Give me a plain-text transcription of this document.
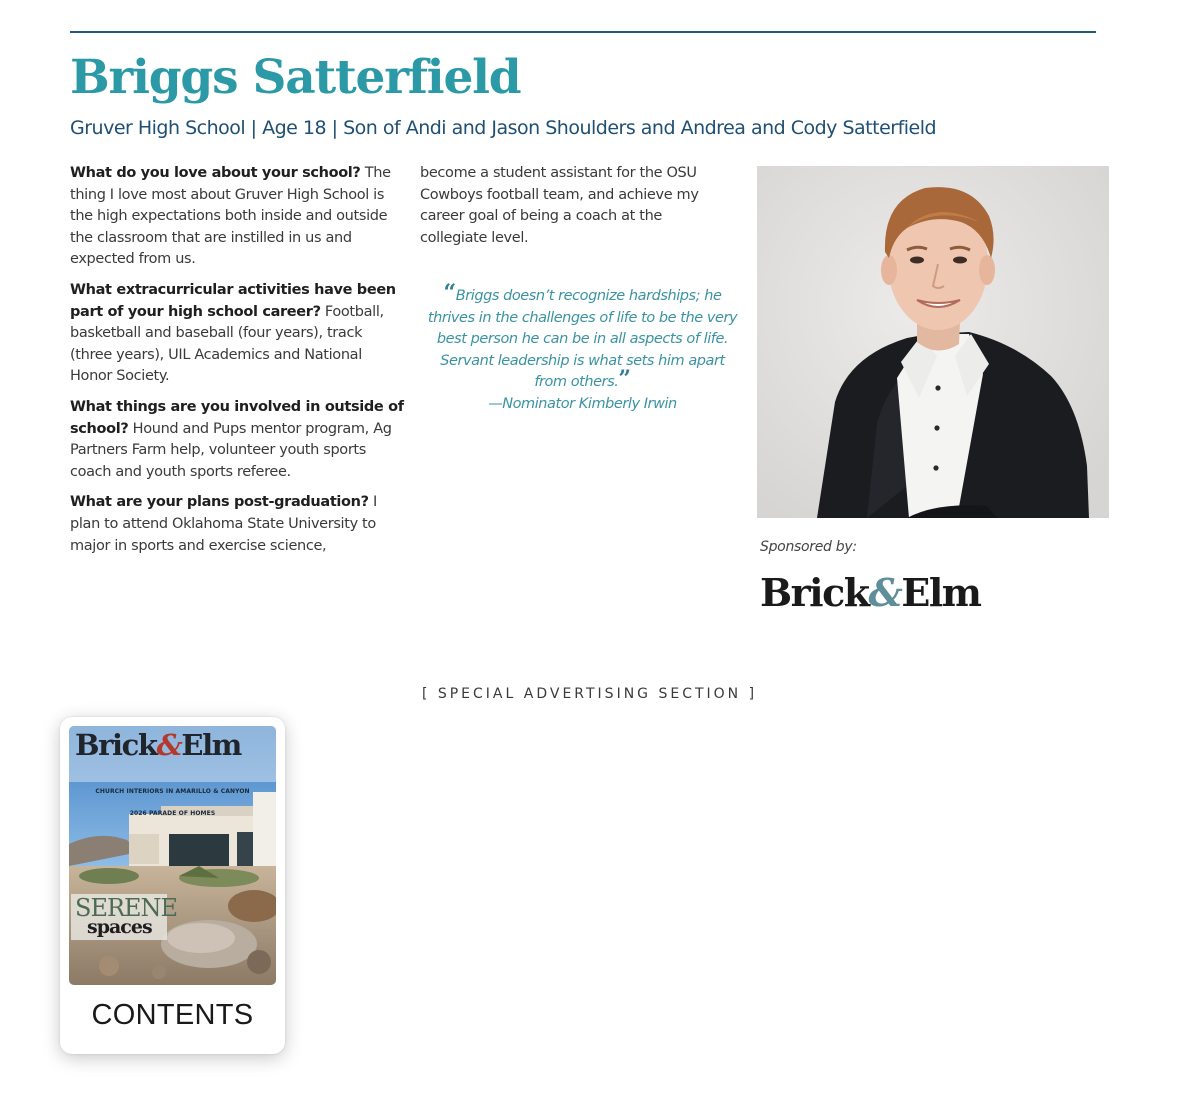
Briggs Satterfield

Gruver High School | Age 18 | Son of Andi and Jason Shoulders and Andrea and Cody Satterfield

What do you love about your school? The thing I love most about Gruver High School is the high expectations both inside and outside the classroom that are instilled in us and expected from us.

What extracurricular activities have been part of your high school career? Football, basketball and baseball (four years), track (three years), UIL Academics and National Honor Society.

What things are you involved in outside of school? Hound and Pups mentor program, Ag Partners Farm help, volunteer youth sports coach and youth sports referee.

What are your plans post-graduation? I plan to attend Oklahoma State University to major in sports and exercise science,

become a student assistant for the OSU Cowboys football team, and achieve my career goal of being a coach at the collegiate level.

“Briggs doesn’t recognize hardships; he thrives in the challenges of life to be the very best person he can be in all aspects of life. Servant leadership is what sets him apart from others.”
—Nominator Kimberly Irwin

Sponsored by:

Brick&Elm
[ SPECIAL ADVERTISING SECTION ]
Brick&Elm
CHURCH INTERIORS IN AMARILLO & CANYON
2026 PARADE OF HOMES

SERENE

spaces

CONTENTS
